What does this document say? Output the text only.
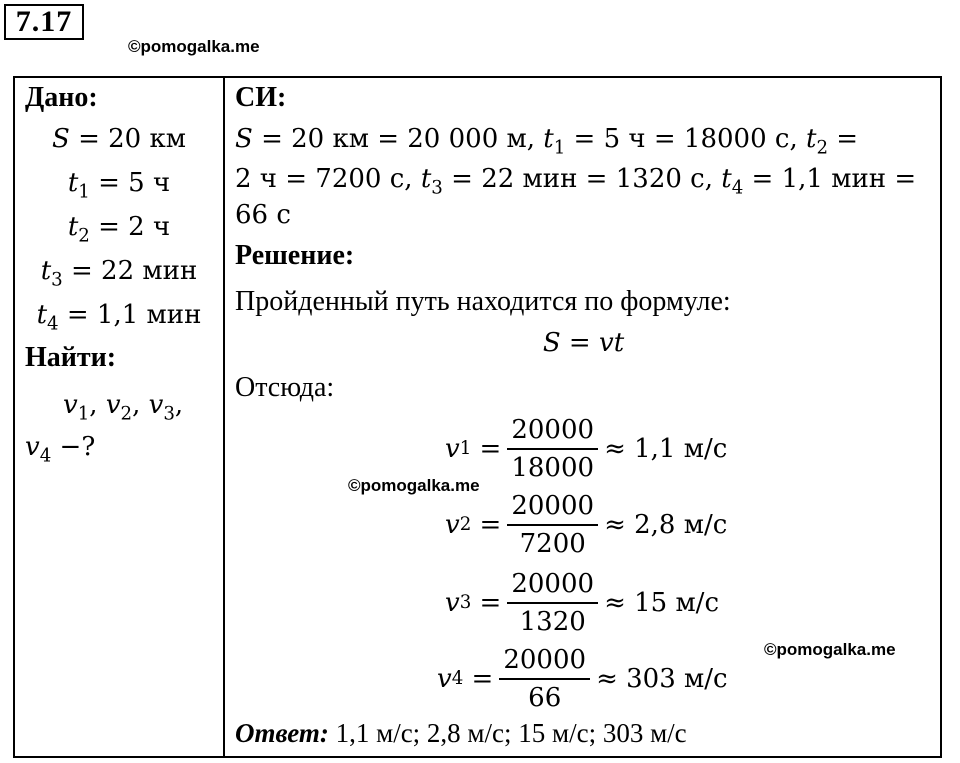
7.17
©pomogalka.me
Дано:
S = 20 км
$t_1 = 5$ ч
$t_2 = 2$ ч
$t_3 = 22$ мин
$t_4 = 1,1$ мин
Найти:
$v_1$, $v_2$, $v_3$,
$v_4$ −?
СИ:
S = 20 км = 20 000 м, $t_1 = 5$ ч = 18000 с, $t_2$ =
2 ч = 7200 с, $t_3 = 22$ мин = 1320 с, $t_4 = 1,1$ мин =
66 с
Решение:
Пройденный путь находится по формуле:
S = vt
Отсюда:
v $1 = \frac{20000}{18000} \approx 1,1$ м/с
v $2 = \frac{20000}{7200} \approx 2,8$ м/с
v $3 = \frac{20000}{1320} \approx 15$ м/с
v $4 = \frac{20000}{66} \approx 303$ м/с
Ответ: 1,1 м/с; 2,8 м/с; 15 м/с; 303 м/с
©pomogalka.me
©pomogalka.me
